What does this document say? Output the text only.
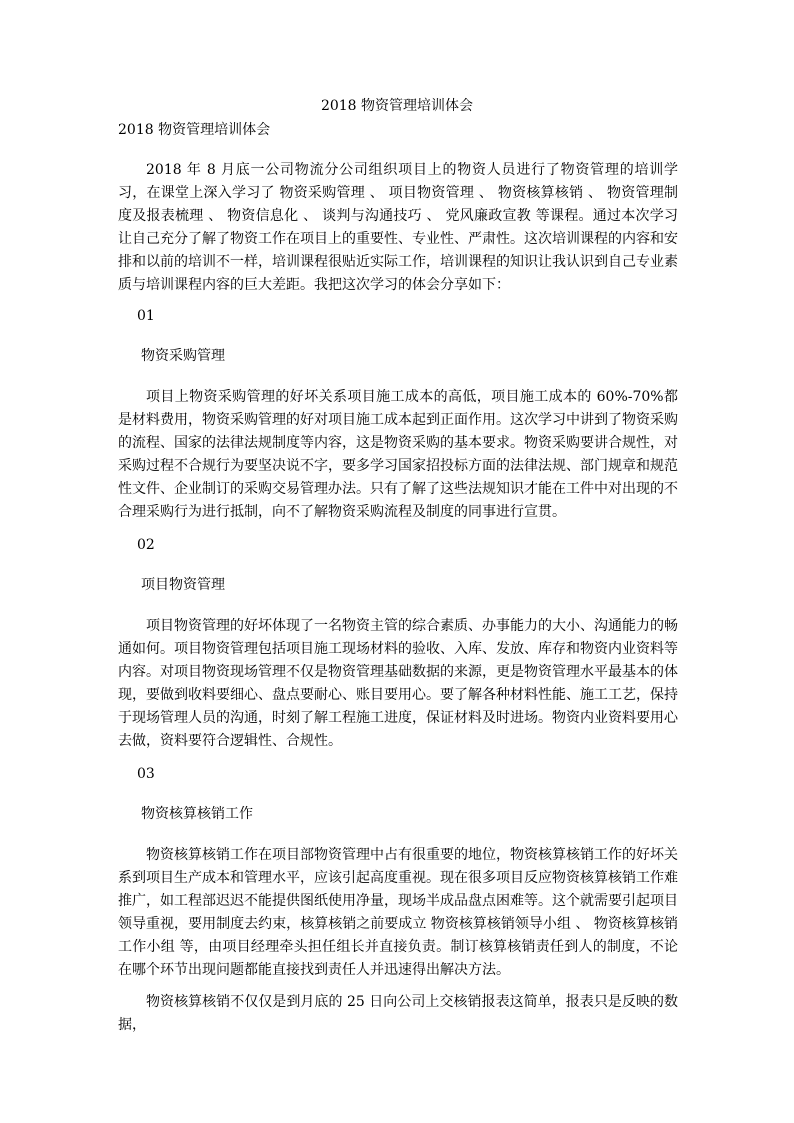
2018 物资管理培训体会
2018 物资管理培训体会

2018 年 8 月底一公司物流分公司组织项目上的物资人员进行了物资管理的培训学习，在课堂上深入学习了 物资采购管理 、 项目物资管理 、 物资核算核销 、 物资管理制度及报表梳理 、 物资信息化 、 谈判与沟通技巧 、 党风廉政宣教 等课程。通过本次学习让自己充分了解了物资工作在项目上的重要性、专业性、严肃性。这次培训课程的内容和安排和以前的培训不一样，培训课程很贴近实际工作，培训课程的知识让我认识到自己专业素质与培训课程内容的巨大差距。我把这次学习的体会分享如下：

01
物资采购管理

项目上物资采购管理的好坏关系项目施工成本的高低，项目施工成本的 60%-70%都是材料费用，物资采购管理的好对项目施工成本起到正面作用。这次学习中讲到了物资采购的流程、国家的法律法规制度等内容，这是物资采购的基本要求。物资采购要讲合规性，对采购过程不合规行为要坚决说不字，要多学习国家招投标方面的法律法规、部门规章和规范性文件、企业制订的采购交易管理办法。只有了解了这些法规知识才能在工件中对出现的不合理采购行为进行抵制，向不了解物资采购流程及制度的同事进行宣贯。

02
项目物资管理

项目物资管理的好坏体现了一名物资主管的综合素质、办事能力的大小、沟通能力的畅通如何。项目物资管理包括项目施工现场材料的验收、入库、发放、库存和物资内业资料等内容。对项目物资现场管理不仅是物资管理基础数据的来源，更是物资管理水平最基本的体现，要做到收料要细心、盘点要耐心、账目要用心。要了解各种材料性能、施工工艺，保持于现场管理人员的沟通，时刻了解工程施工进度，保证材料及时进场。物资内业资料要用心去做，资料要符合逻辑性、合规性。

03
物资核算核销工作

物资核算核销工作在项目部物资管理中占有很重要的地位，物资核算核销工作的好坏关系到项目生产成本和管理水平，应该引起高度重视。现在很多项目反应物资核算核销工作难推广，如工程部迟迟不能提供图纸使用净量，现场半成品盘点困难等。这个就需要引起项目领导重视，要用制度去约束，核算核销之前要成立 物资核算核销领导小组 、 物资核算核销工作小组 等，由项目经理牵头担任组长并直接负责。制订核算核销责任到人的制度，不论在哪个环节出现问题都能直接找到责任人并迅速得出解决方法。

物资核算核销不仅仅是到月底的 25 日向公司上交核销报表这简单，报表只是反映的数据，
